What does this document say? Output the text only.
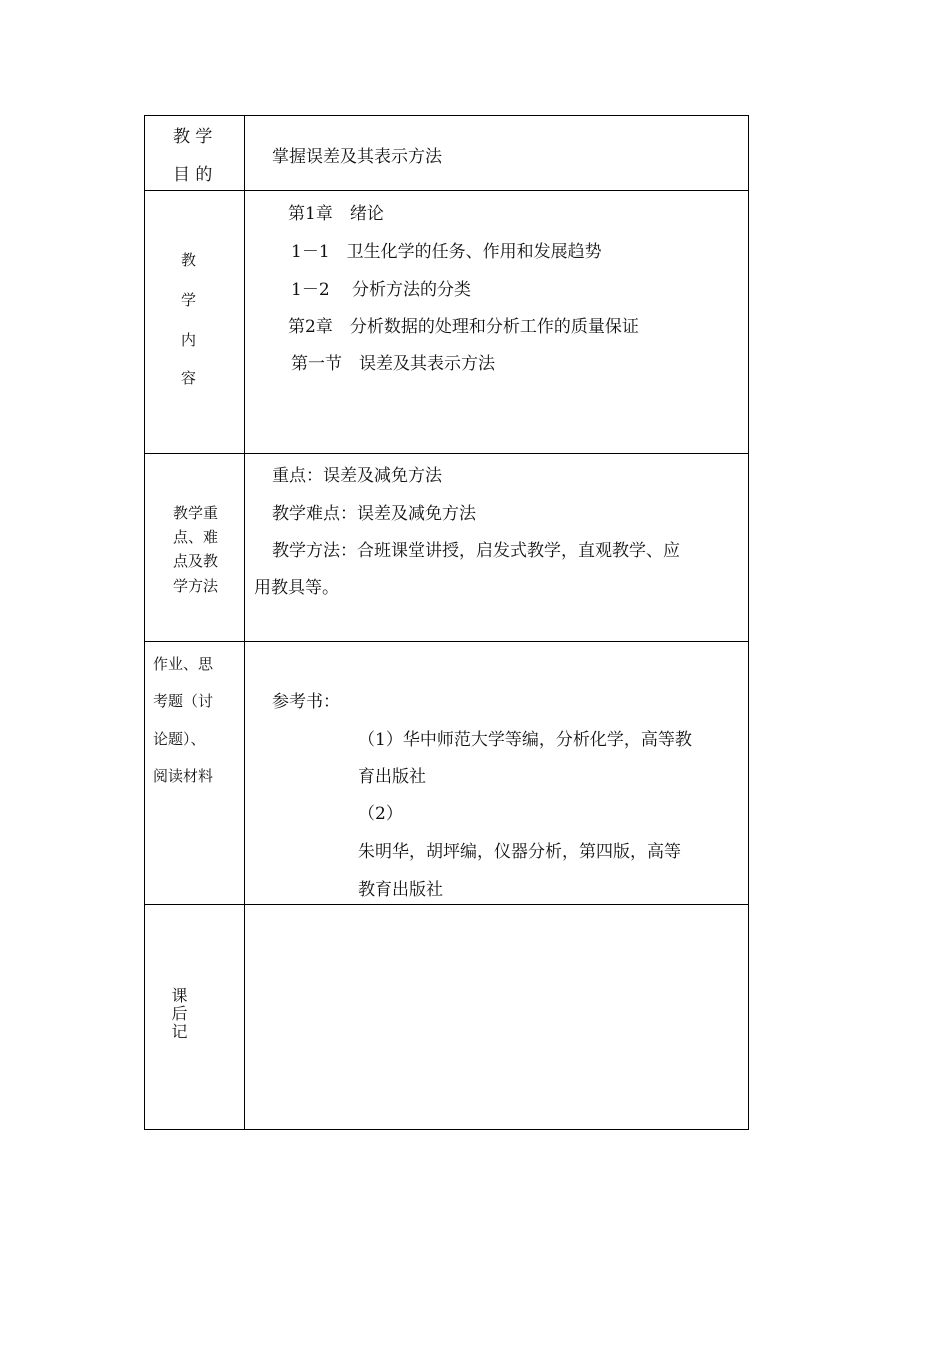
教 学
目 的
掌握误差及其表示方法
教
学
内
容
第1章　绪论
1－1　卫生化学的任务、作用和发展趋势
1－2　 分析方法的分类
第2章　分析数据的处理和分析工作的质量保证
第一节　误差及其表示方法
教学重
点、难
点及教
学方法
重点：误差及减免方法
教学难点：误差及减免方法
教学方法：合班课堂讲授，启发式教学，直观教学、应
用教具等。
作业、思
考题（讨
论题）、
阅读材料
参考书：
（1）华中师范大学等编，分析化学，高等教
育出版社
（2）
朱明华，胡坪编，仪器分析，第四版，高等
教育出版社
课后记
